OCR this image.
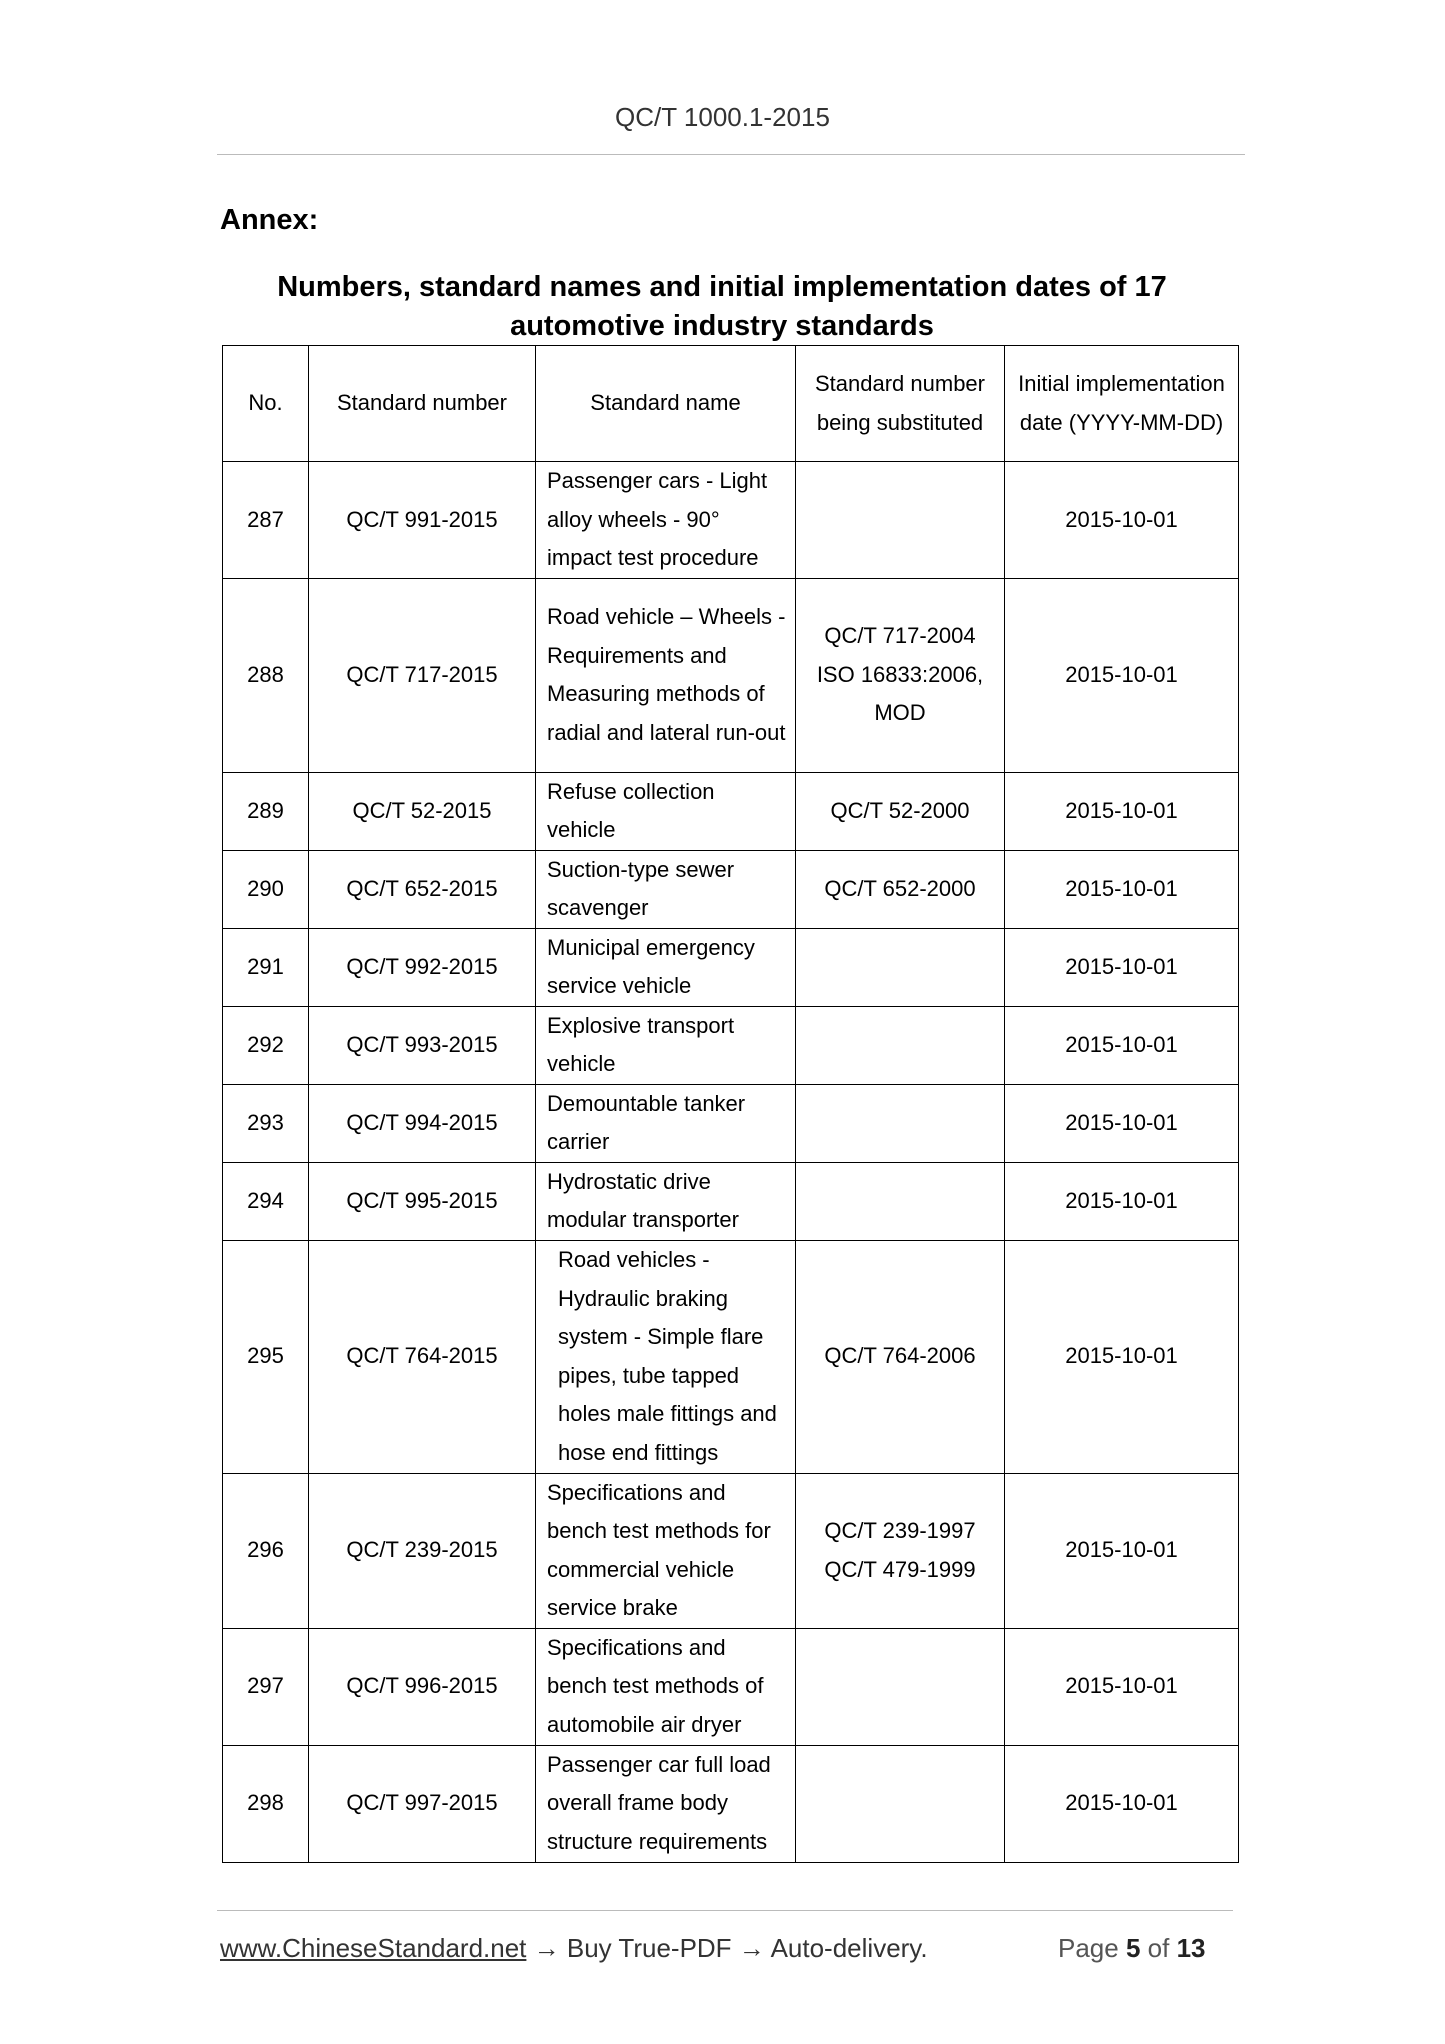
QC/T 1000.1-2015
Annex:
Numbers, standard names and initial implementation dates of 17 automotive industry standards
No.	Standard number	Standard name	Standard number being substituted	Initial implementation date (YYYY-MM-DD)
287	QC/T 991-2015	Passenger cars - Light alloy wheels - 90° impact test procedure		2015-10-01
288	QC/T 717-2015	Road vehicle – Wheels - Requirements and Measuring methods of radial and lateral run-out	QC/T 717-2004 ISO 16833:2006, MOD	2015-10-01
289	QC/T 52-2015	Refuse collection vehicle	QC/T 52-2000	2015-10-01
290	QC/T 652-2015	Suction-type sewer scavenger	QC/T 652-2000	2015-10-01
291	QC/T 992-2015	Municipal emergency service vehicle		2015-10-01
292	QC/T 993-2015	Explosive transport vehicle		2015-10-01
293	QC/T 994-2015	Demountable tanker carrier		2015-10-01
294	QC/T 995-2015	Hydrostatic drive modular transporter		2015-10-01
295	QC/T 764-2015	Road vehicles - Hydraulic braking system - Simple flare pipes, tube tapped holes male fittings and hose end fittings	QC/T 764-2006	2015-10-01
296	QC/T 239-2015	Specifications and bench test methods for commercial vehicle service brake	QC/T 239-1997 QC/T 479-1999	2015-10-01
297	QC/T 996-2015	Specifications and bench test methods of automobile air dryer		2015-10-01
298	QC/T 997-2015	Passenger car full load overall frame body structure requirements		2015-10-01
www.ChineseStandard.net → Buy True-PDF → Auto-delivery.	Page 5 of 13
